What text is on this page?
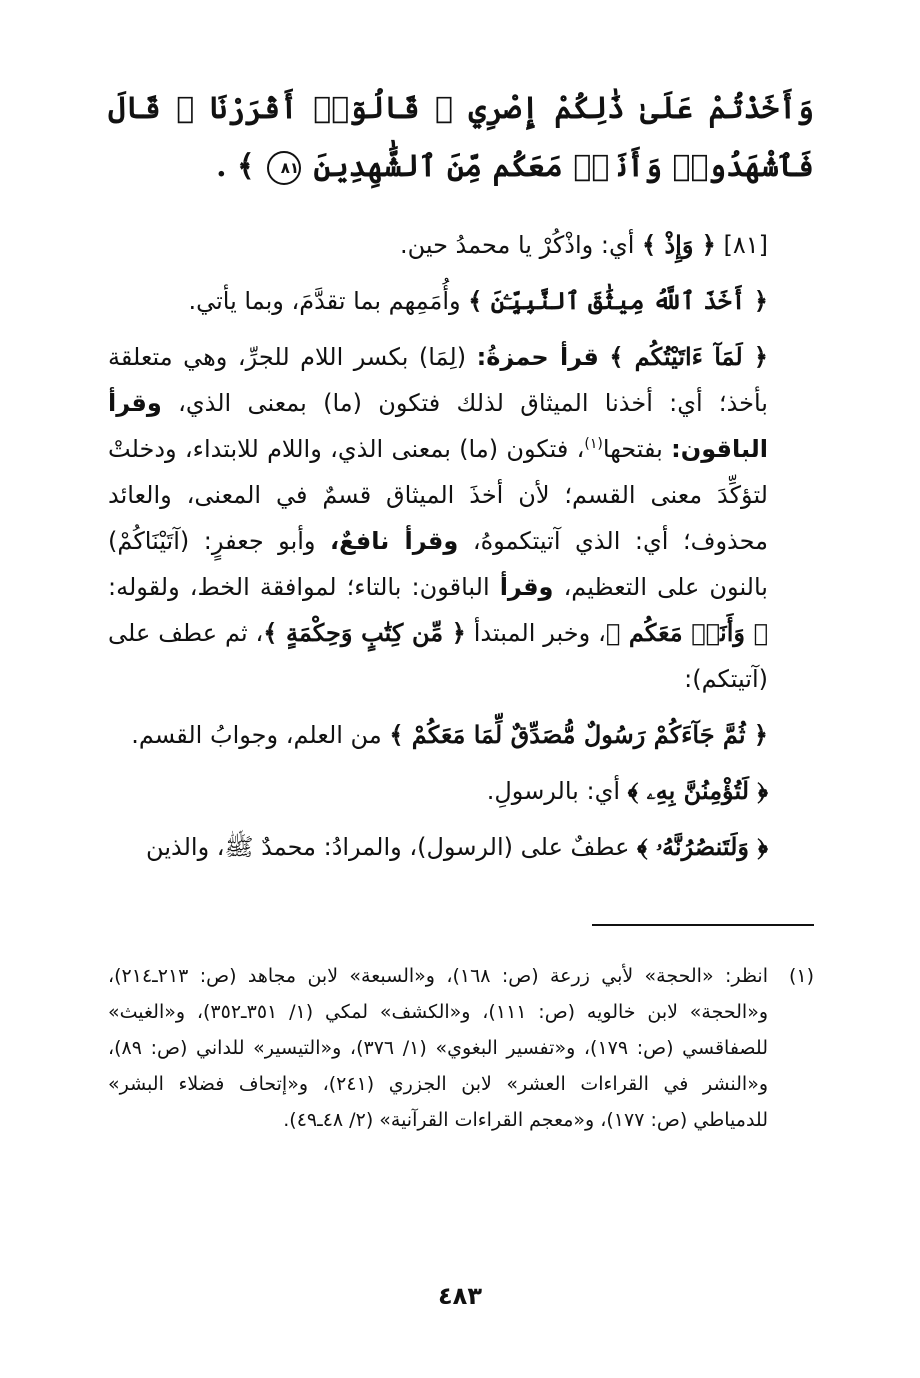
وَأَخَذْتُمْ عَلَىٰ ذَٰلِكُمْ إِصْرِي ۖ قَالُوٓا۟ أَقْرَرْنَا ۚ قَالَ فَٱشْهَدُوا۟ وَأَنَا۠ مَعَكُم مِّنَ ٱلشَّٰهِدِينَ ٨١ ﴾ .

[٨١] ﴿ وَإِذْ ﴾ أي: واذْكُرْ يا محمدُ حين.

﴿ أَخَذَ ٱللَّهُ مِيثَٰقَ ٱلنَّبِيِّـۧنَ ﴾ وأُمَمِهم بما تقدَّمَ، وبما يأتي.

﴿ لَمَآ ءَاتَيْتُكُم ﴾ قرأ حمزةُ: (لِمَا) بكسر اللام للجرِّ، وهي متعلقة بأخذ؛ أي: أخذنا الميثاق لذلك فتكون (ما) بمعنى الذي، وقرأ الباقون: بفتحها$^{(١)}$، فتكون (ما) بمعنى الذي، واللام للابتداء، ودخلتْ لتؤكِّدَ معنى القسم؛ لأن أخذَ الميثاق قسمٌ في المعنى، والعائد محذوف؛ أي: الذي آتيتكموهُ، وقرأ نافعٌ، وأبو جعفرٍ: (آتَيْنَاكُمْ) بالنون على التعظيم، وقرأ الباقون: بالتاء؛ لموافقة الخط، ولقوله: ﴿ وَأَنَا۠ مَعَكُم ﴾، وخبر المبتدأ ﴿ مِّن كِتَٰبٍ وَحِكْمَةٍ ﴾، ثم عطف على (آتيتكم):

﴿ ثُمَّ جَآءَكُمْ رَسُولٌ مُّصَدِّقٌ لِّمَا مَعَكُمْ ﴾ من العلم، وجوابُ القسم.

﴿ لَتُؤْمِنُنَّ بِهِۦ ﴾ أي: بالرسولِ.

﴿ وَلَتَنصُرُنَّهُۥ ﴾ عطفٌ على (الرسول)، والمرادُ: محمدٌ ﷺ، والذين

(١)
انظر: «الحجة» لأبي زرعة (ص: ١٦٨)، و«السبعة» لابن مجاهد (ص: ٢١٣ـ٢١٤)، و«الحجة» لابن خالويه (ص: ١١١)، و«الكشف» لمكي (١/ ٣٥١ـ٣٥٢)، و«الغيث» للصفاقسي (ص: ١٧٩)، و«تفسير البغوي» (١/ ٣٧٦)، و«التيسير» للداني (ص: ٨٩)، و«النشر في القراءات العشر» لابن الجزري (٢٤١)، و«إتحاف فضلاء البشر» للدمياطي (ص: ١٧٧)، و«معجم القراءات القرآنية» (٢/ ٤٨ـ٤٩).
٤٨٣
